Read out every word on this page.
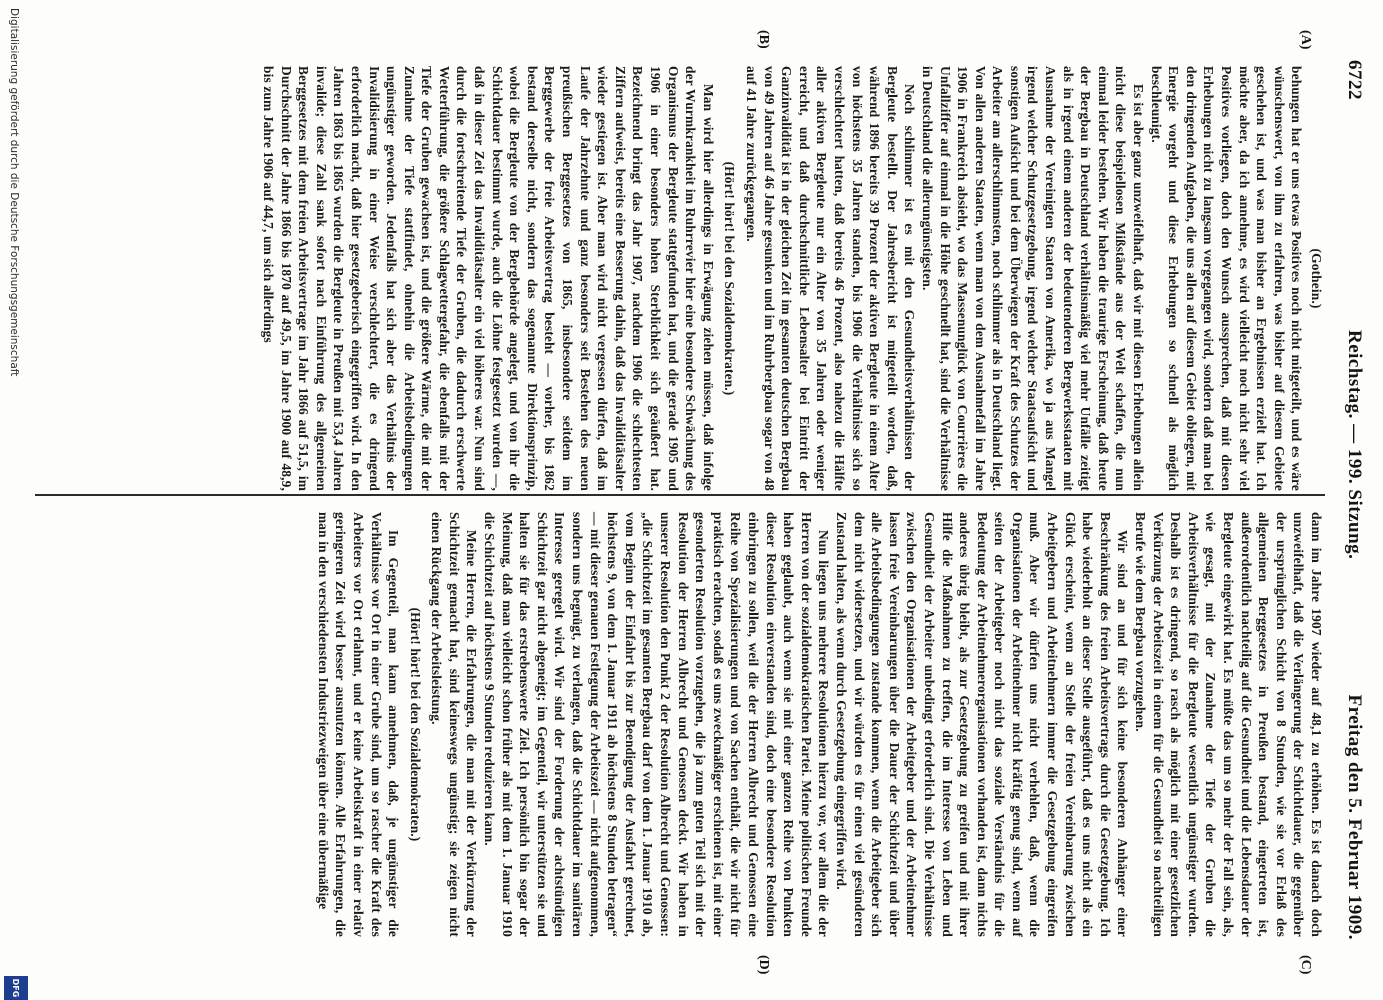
6722
Reichstag. — 199. Sitzung.
Freitag den 5. Februar 1909.
(A)
(B)
(C)
(D)
(Gothein.)

behungen hat er uns etwas Positives noch nicht mitgeteilt, und es wäre wünschenswert, von ihm zu erfahren, was bisher auf diesem Gebiete geschehen ist, und was man bisher an Ergebnissen erzielt hat. Ich möchte aber, da ich annehme, es wird vielleicht noch nicht sehr viel Positives vorliegen, doch den Wunsch aussprechen, daß mit diesen Erhebungen nicht zu langsam vorgegangen wird, sondern daß man bei den dringenden Aufgaben, die uns allen auf diesem Gebiet obliegen, mit Energie vorgeht und diese Erhebungen so schnell als möglich beschleunigt.

Es ist aber ganz unzweifelhaft, daß wir mit diesen Erhebungen allein nicht diese beispiellosen Mißstände aus der Welt schaffen, die nun einmal leider bestehen. Wir haben die traurige Erscheinung, daß heute der Bergbau in Deutschland verhältnismäßig viel mehr Unfälle zeitigt als in irgend einem anderen der bedeutenderen Bergwerksstaaten mit Ausnahme der Vereinigten Staaten von Amerika, wo ja aus Mangel irgend welcher Schutzgesetzgebung, irgend welcher Staatsaufsicht und sonstigen Aufsicht und bei dem Überwiegen der Kraft des Schutzes der Arbeiter am allerschlimmsten, noch schlimmer als in Deutschland liegt. Von allen anderen Staaten, wenn man von dem Ausnahmefall im Jahre 1906 in Frankreich absieht, wo das Massenunglück von Courrières die Unfallziffer auf einmal in die Höhe geschnellt hat, sind die Verhältnisse in Deutschland die allerungünstigsten.

Noch schlimmer ist es mit den Gesundheitsverhältnissen der Bergleute bestellt. Der Jahresbericht ist mitgeteilt worden, daß, während 1896 bereits 39 Prozent der aktiven Bergleute in einem Alter von höchstens 35 Jahren standen, bis 1906 die Verhältnisse sich so verschlechtert hatten, daß bereits 46 Prozent, also nahezu die Hälfte aller aktiven Bergleute nur ein Alter von 35 Jahren oder weniger erreicht, und daß durchschnittliche Lebensalter bei Eintritt der Ganzinvalidität ist in der gleichen Zeit im gesamten deutschen Bergbau von 49 Jahren auf 46 Jahre gesunken und im Ruhrbergbau sogar von 48 auf 41 Jahre zurückgegangen.

(Hört! hört! bei den Sozialdemokraten.)

Man wird hier allerdings in Erwägung ziehen müssen, daß infolge der Wurmkrankheit im Ruhrrevier hier eine besondere Schwächung des Organismus der Bergleute stattgefunden hat, und die gerade 1905 und 1906 in einer besonders hohen Sterblichkeit sich geäußert hat. Bezeichnend bringt das Jahr 1907, nachdem 1906 die schlechtesten Ziffern aufweist, bereits eine Besserung dahin, daß das Invaliditätsalter wieder gestiegen ist. Aber man wird nicht vergessen dürfen, daß im Laufe der Jahrzehnte und ganz besonders seit Bestehen des neuen preußischen Berggesetzes von 1865, insbesondere seitdem im Berggewerbe der freie Arbeitsvertrag besteht — vorher, bis 1862 bestand derselbe nicht, sondern das sogenannte Direktionsprinzip, wobei die Bergleute von der Bergbehörde angelegt, und von ihr die Schichtdauer bestimmt wurde, auch die Löhne festgesetzt wurden —, daß in dieser Zeit das Invaliditätsalter ein viel höheres war. Nun sind durch die fortschreitende Tiefe der Gruben, die dadurch erschwerte Wetterführung, die größere Schlagwettergefahr, die ebenfalls mit der Tiefe der Gruben gewachsen ist, und die größere Wärme, die mit der Zunahme der Tiefe stattfindet, ohnehin die Arbeitsbedingungen ungünstiger geworden. Jedenfalls hat sich aber das Verhältnis der Invalidisierung in einer Weise verschlechtert, die es dringend erforderlich macht, daß hier gesetzgeberisch eingegriffen wird. In den Jahren 1863 bis 1865 wurden die Bergleute in Preußen mit 53,4 Jahren invalide; diese Zahl sank sofort nach Einführung des allgemeinen Berggesetzes mit dem freien Arbeitsvertrage im Jahr 1866 auf 51,5, im Durchschnitt der Jahre 1866 bis 1870 auf 49,5, im Jahre 1900 auf 48,9, bis zum Jahre 1906 auf 44,7, um sich allerdings

dann im Jahre 1907 wieder auf 48,1 zu erhöhen. Es ist danach doch unzweifelhaft, daß die Verlängerung der Schichtdauer, die gegenüber der ursprünglichen Schicht von 8 Stunden, wie sie vor Erlaß des allgemeinen Berggesetzes in Preußen bestand, eingetreten ist, außerordentlich nachteilig auf die Gesundheit und die Lebensdauer der Bergleute eingewirkt hat. Es müßte das um so mehr der Fall sein, als, wie gesagt, mit der Zunahme der Tiefe der Gruben die Arbeitsverhältnisse für die Bergleute wesentlich ungünstiger wurden. Deshalb ist es dringend, so rasch als möglich mit einer gesetzlichen Verkürzung der Arbeitszeit in einem für die Gesundheit so nachteiligen Berufe wie dem Bergbau vorzugehen.

Wir sind an und für sich keine besonderen Anhänger einer Beschränkung des freien Arbeitsvertrags durch die Gesetzgebung. Ich habe wiederholt an dieser Stelle ausgeführt, daß es uns nicht als ein Glück erscheint, wenn an Stelle der freien Vereinbarung zwischen Arbeitgebern und Arbeitnehmern immer die Gesetzgebung eingreifen muß. Aber wir dürfen uns nicht verhehlen, daß, wenn die Organisationen der Arbeitnehmer nicht kräftig genug sind, wenn auf seiten der Arbeitgeber noch nicht das soziale Verständnis für die Bedeutung der Arbeitnehmerorganisationen vorhanden ist, dann nichts anderes übrig bleibt, als zur Gesetzgebung zu greifen und mit ihrer Hilfe die Maßnahmen zu treffen, die im Interesse von Leben und Gesundheit der Arbeiter unbedingt erforderlich sind. Die Verhältnisse zwischen den Organisationen der Arbeitgeber und der Arbeitnehmer lassen freie Vereinbarungen über die Dauer der Schichtzeit und über alle Arbeitsbedingungen zustande kommen, wenn die Arbeitgeber sich dem nicht widersetzen, und wir würden es für einen viel gesünderen Zustand halten, als wenn durch Gesetzgebung eingegriffen wird.

Nun liegen uns mehrere Resolutionen hierzu vor, vor allem die der Herren von der sozialdemokratischen Partei. Meine politischen Freunde haben geglaubt, auch wenn sie mit einer ganzen Reihe von Punkten dieser Resolution einverstanden sind, doch eine besondere Resolution einbringen zu sollen, weil die der Herren Albrecht und Genossen eine Reihe von Spezialisierungen und von Sachen enthält, die wir nicht für praktisch erachten, sodaß es uns zweckmäßiger erschienen ist, mit einer gesonderten Resolution vorzugehen, die ja zum guten Teil sich mit der Resolution der Herren Albrecht und Genossen deckt. Wir haben in unserer Resolution den Punkt 2 der Resolution Albrecht und Genossen: „die Schichtzeit im gesamten Bergbau darf von dem 1. Januar 1910 ab, vom Beginn der Einfahrt bis zur Beendigung der Ausfahrt gerechnet, höchstens 9, von dem 1. Januar 1911 ab höchstens 8 Stunden betragen“ — mit dieser genauen Festlegung der Arbeitszeit — nicht aufgenommen, sondern uns begnügt, zu verlangen, daß die Schichtdauer im sanitären Interesse geregelt wird. Wir sind der Forderung der achtstündigen Schichtzeit gar nicht abgeneigt; im Gegenteil, wir unterstützen sie und halten sie für das erstrebenswerte Ziel. Ich persönlich bin sogar der Meinung, daß man vielleicht schon früher als mit dem 1. Januar 1910 die Schichtzeit auf höchstens 9 Stunden reduzieren kann.

Meine Herren, die Erfahrungen, die man mit der Verkürzung der Schichtzeit gemacht hat, sind keineswegs ungünstig; sie zeigen nicht einen Rückgang der Arbeitsleistung.

(Hört! hört! bei den Sozialdemokraten.)

Im Gegenteil, man kann annehmen, daß, je ungünstiger die Verhältnisse vor Ort in einer Grube sind, um so rascher die Kraft des Arbeiters vor Ort erlahmt, und er keine Arbeitskraft in einer relativ geringeren Zeit wird besser ausnutzen können. Alle Erfahrungen, die man in den verschiedensten Industriezweigen über eine übermäßige

Digitalisierung gefördert durch die Deutsche Forschungsgemeinschaft
DFG
